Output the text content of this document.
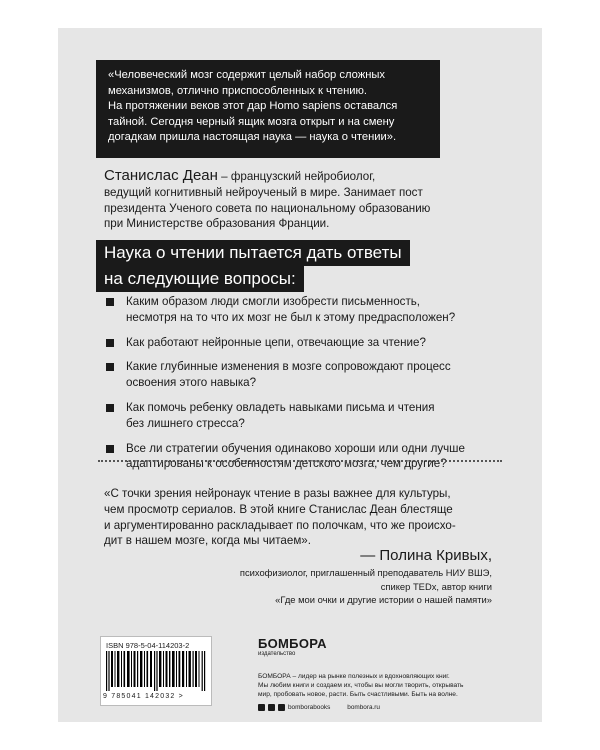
«Человеческий мозг содержит целый набор сложных
механизмов, отлично приспособленных к чтению.
На протяжении веков этот дар Homo sapiens оставался
тайной. Сегодня черный ящик мозга открыт и на смену
догадкам пришла настоящая наука — наука о чтении».
Станислас Деан – французский нейробиолог,
ведущий когнитивный нейроученый в мире. Занимает пост
президента Ученого совета по национальному образованию
при Министерстве образования Франции.
Наука о чтении пытается дать ответы
на следующие вопросы:
Каким образом люди смогли изобрести письменность,
несмотря на то что их мозг не был к этому предрасположен?
Как работают нейронные цепи, отвечающие за чтение?
Какие глубинные изменения в мозге сопровождают процесс
освоения этого навыка?
Как помочь ребенку овладеть навыками письма и чтения
без лишнего стресса?
Все ли стратегии обучения одинаково хороши или одни лучше
адаптированы к особенностям детского мозга, чем другие?
«С точки зрения нейронаук чтение в разы важнее для культуры,
чем просмотр сериалов. В этой книге Станислас Деан блестяще
и аргументированно раскладывает по полочкам, что же происхо-
дит в нашем мозге, когда мы читаем».
— Полина Кривых,
психофизиолог, приглашенный преподаватель НИУ ВШЭ,
спикер TEDx, автор книги
«Где мои очки и другие истории о нашей памяти»
ISBN 978-5-04-114203-2
9 785041 142032 >
БОМБОРА
издательство
БОМБОРА – лидер на рынке полезных и вдохновляющих книг.
Мы любим книги и создаем их, чтобы вы могли творить, открывать
мир, пробовать новое, расти. Быть счастливыми. Быть на волне.
bomborabooks	bombora.ru
